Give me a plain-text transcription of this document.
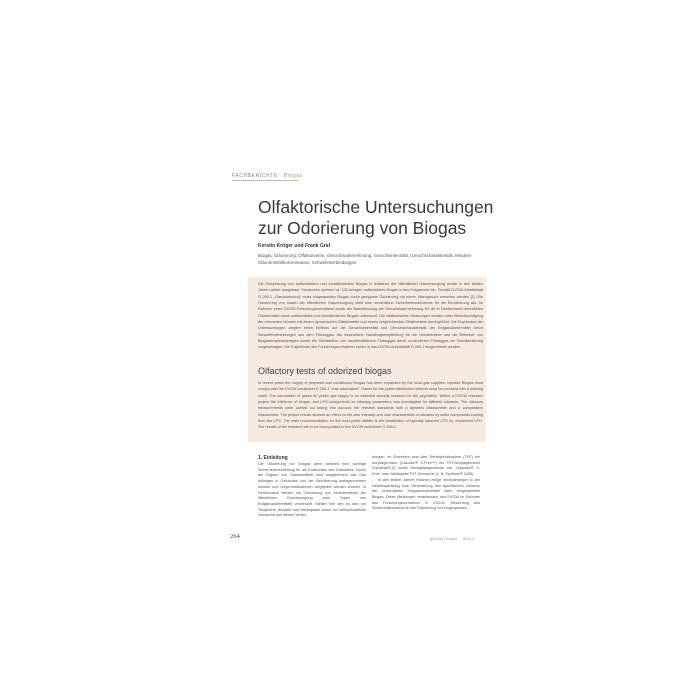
FACHBERICHTE Biogas
Olfaktorische Untersuchungen
zur Odorierung von Biogas
Kerstin Kröger und Frank Graf
Biogas, Odorierung, Olfaktometrie, Geruchswahrnehmung, Geruchsintensität, Geruchscharakteristik, Mindest-Odoriermittelkonzentration, Schwefelverbindungen
Die Einspeisung von aufbereitetem und konditioniertem Biogas in leitebene der öffentlichen Gasversorgung wurde in den letzten Jahren weiter ausgebaut. Inzwischen speisen ca. 100 Anlagen aufbereitetes Biogas in das Erdgasnetz ein. Gemäß DVGW-Arbeitsblatt G 280-1 „Gasodorierung“ muss eingespeistes Biogas durch geeignete Odorierung mit einem Warngeruch versehen werden [1]. Die Odorierung von Gasen der öffentlichen Gasversorgung stellt eine wesentliche Sicherheitsmaßnahme für die Bevölkerung dar. Im Rahmen eines DVGW-Forschungsvorhabens wurde der Beeinflussung der Geruchswahrnehmung für die in Deutschland verbreiteten Odoriermittel durch aufbereitetes und konditioniertes Biogas untersucht. Die olfaktorischen Messungen wurden unter Berücksichtigung der relevanten Normen mit einem dynamischen Olfaktometer und einem vergleichenden Olfaktometer durchgeführt. Die Ergebnisse der Untersuchungen zeigten einen Einfluss auf die Geruchsintensität und Geruchscharakteristik der Erdgasodoriermittel durch Schwefelverbindungen aus dem Flüssiggas. Als wesentliche Handlungsempfehlung für die Netzbetreiber und die Betreiber von Biogaseinspeiseanlagen wurde die Substitution von handelsüblichem Flüssiggas durch unodoriertes Flüssiggas zur Konditionierung vorgeschlagen. Die Ergebnisse des Forschungsvorhabens sollen in das DVGW-Arbeitsblatt G 280-1 eingearbeitet werden.
Olfactory tests of odorized biogas
In recent years the supply of prepared and conditioned biogas has been expanded by the local gas supplies. Injected Biogas must comply with the DVGW worksheet G 280-1 “Gas odorization”. Gases for the public distribution network must be provided with a warning smell. The odorization of gases for public gas supply is an essential security measure for the population. Within a DVGW research project the influence of biogas- and LPG-components on olfactory parameters was investigated for different odorants. The olfactory measurements were carried out taking into account the relevant standards with a dynamic olfactometer and a comparative olfactometer. The project results showed an effect on the odor intensity and odor characteristic of odorants by sulfur compounds coming from the LPG. The main recommendation for the local public utilities is the substitution of typically odorized LPG by unodorized LPG. The results of the research are to be incorporated in the DVGW worksheet G 280-1.
1. Einleitung

Die Odorierung von Erdgas dient weltweit eine wichtige Sicherheitseinrichtung für die Endkunden des Gasnetzes. Durch die Zugabe von Odoriermitteln wird ausgleichend das Gas leitungen in Gebäuden von der Bevölkerung wahrgenommen werden und Gegenmaßnahmen eingeleitet werden können. In Deutschland werden zur Odorierung von Verteilernetzen der öffentlichen Gasversorgung zwei Typen von Erdgasodoriermitteln verwendet. Stellen hier den es sich um Thiophene, Acrylate und Merkaptane sowie um unterschiedliche Gemische aus diesen Verbin-

dungen, im Einzelnen sind dies Tetrahydrothiophen (THT) ein Acrylatgemisch (Gasodor® S-Free™) ein THT/Acrylatgemisch (Spotleak®-Z) sowie Merkaptangemische wie „Gasodor® S-Free“ oder Merkaptan/THT-Gemische (z. B. Spotleak® 1005).

In den letzten Jahren machen einige Veränderungen in der Netzeinspeisung eine Veränderung des spezifischen Geruchs der verwendeten Erdgasodoriermittel beim eingespeisten Biogas. Diese Meldungen veranlassten den DVGW im Rahmen des Forschungsvorhabens G 1/02/11 „Bewertung des Sicherheitsniveaus bei der Odorierung von eingespeisten

264	gwf-Gas | Erdgas 5/2014
